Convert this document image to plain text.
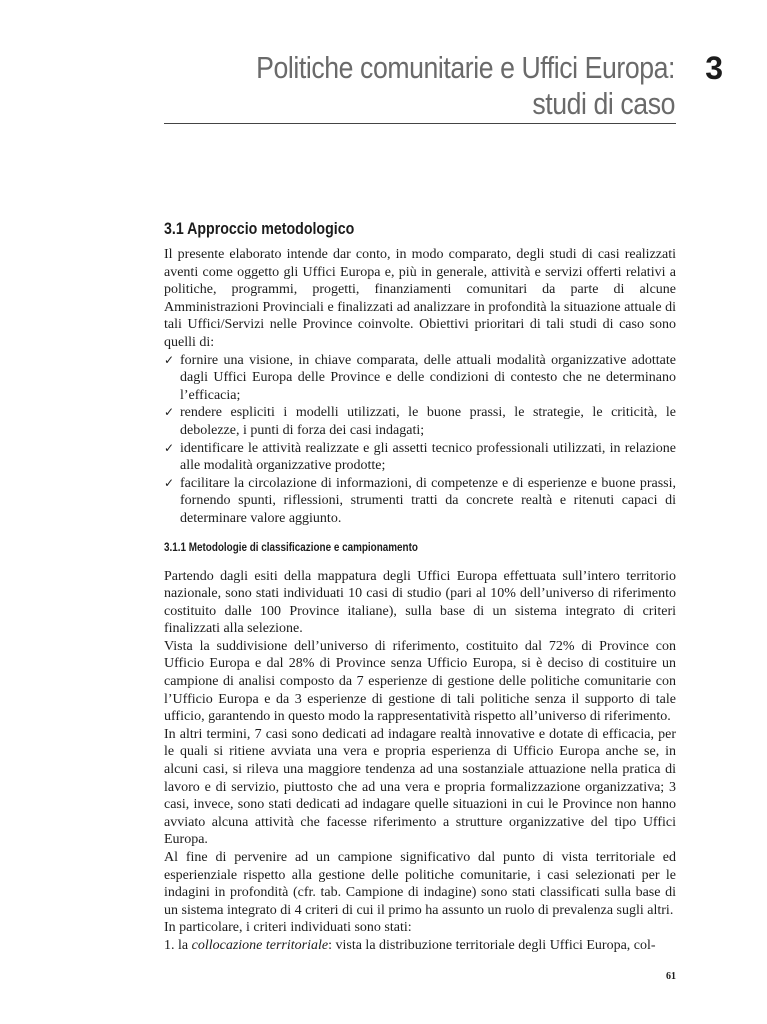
Politiche comunitarie e Uffici Europa:
studi di caso
3
3.1 Approccio metodologico

Il presente elaborato intende dar conto, in modo comparato, degli studi di casi realizzati aventi come oggetto gli Uffici Europa e, più in generale, attività e servizi offerti relativi a politiche, programmi, progetti, finanziamenti comunitari da parte di alcune Amministrazioni Provinciali e finalizzati ad analizzare in profondità la situazione attuale di tali Uffici/Servizi nelle Province coinvolte. Obiettivi prioritari di tali studi di caso sono quelli di:

✓ fornire una visione, in chiave comparata, delle attuali modalità organizzative adottate dagli Uffici Europa delle Province e delle condizioni di contesto che ne determinano l’efficacia;
✓ rendere espliciti i modelli utilizzati, le buone prassi, le strategie, le criticità, le debolezze, i punti di forza dei casi indagati;
✓ identificare le attività realizzate e gli assetti tecnico professionali utilizzati, in relazione alle modalità organizzative prodotte;
✓ facilitare la circolazione di informazioni, di competenze e di esperienze e buone prassi, fornendo spunti, riflessioni, strumenti tratti da concrete realtà e ritenuti capaci di determinare valore aggiunto.
3.1.1 Metodologie di classificazione e campionamento

Partendo dagli esiti della mappatura degli Uffici Europa effettuata sull’intero territorio nazionale, sono stati individuati 10 casi di studio (pari al 10% dell’universo di riferimento costituito dalle 100 Province italiane), sulla base di un sistema integrato di criteri finalizzati alla selezione.

Vista la suddivisione dell’universo di riferimento, costituito dal 72% di Province con Ufficio Europa e dal 28% di Province senza Ufficio Europa, si è deciso di costituire un campione di analisi composto da 7 esperienze di gestione delle politiche comunitarie con l’Ufficio Europa e da 3 esperienze di gestione di tali politiche senza il supporto di tale ufficio, garantendo in questo modo la rappresentatività rispetto all’universo di riferimento.

In altri termini, 7 casi sono dedicati ad indagare realtà innovative e dotate di efficacia, per le quali si ritiene avviata una vera e propria esperienza di Ufficio Europa anche se, in alcuni casi, si rileva una maggiore tendenza ad una sostanziale attuazione nella pratica di lavoro e di servizio, piuttosto che ad una vera e propria formalizzazione organizzativa; 3 casi, invece, sono stati dedicati ad indagare quelle situazioni in cui le Province non hanno avviato alcuna attività che facesse riferimento a strutture organizzative del tipo Uffici Europa.

Al fine di pervenire ad un campione significativo dal punto di vista territoriale ed esperienziale rispetto alla gestione delle politiche comunitarie, i casi selezionati per le indagini in profondità (cfr. tab. Campione di indagine) sono stati classificati sulla base di un sistema integrato di 4 criteri di cui il primo ha assunto un ruolo di prevalenza sugli altri.

In particolare, i criteri individuati sono stati:

1. la collocazione territoriale: vista la distribuzione territoriale degli Uffici Europa, col-

61
